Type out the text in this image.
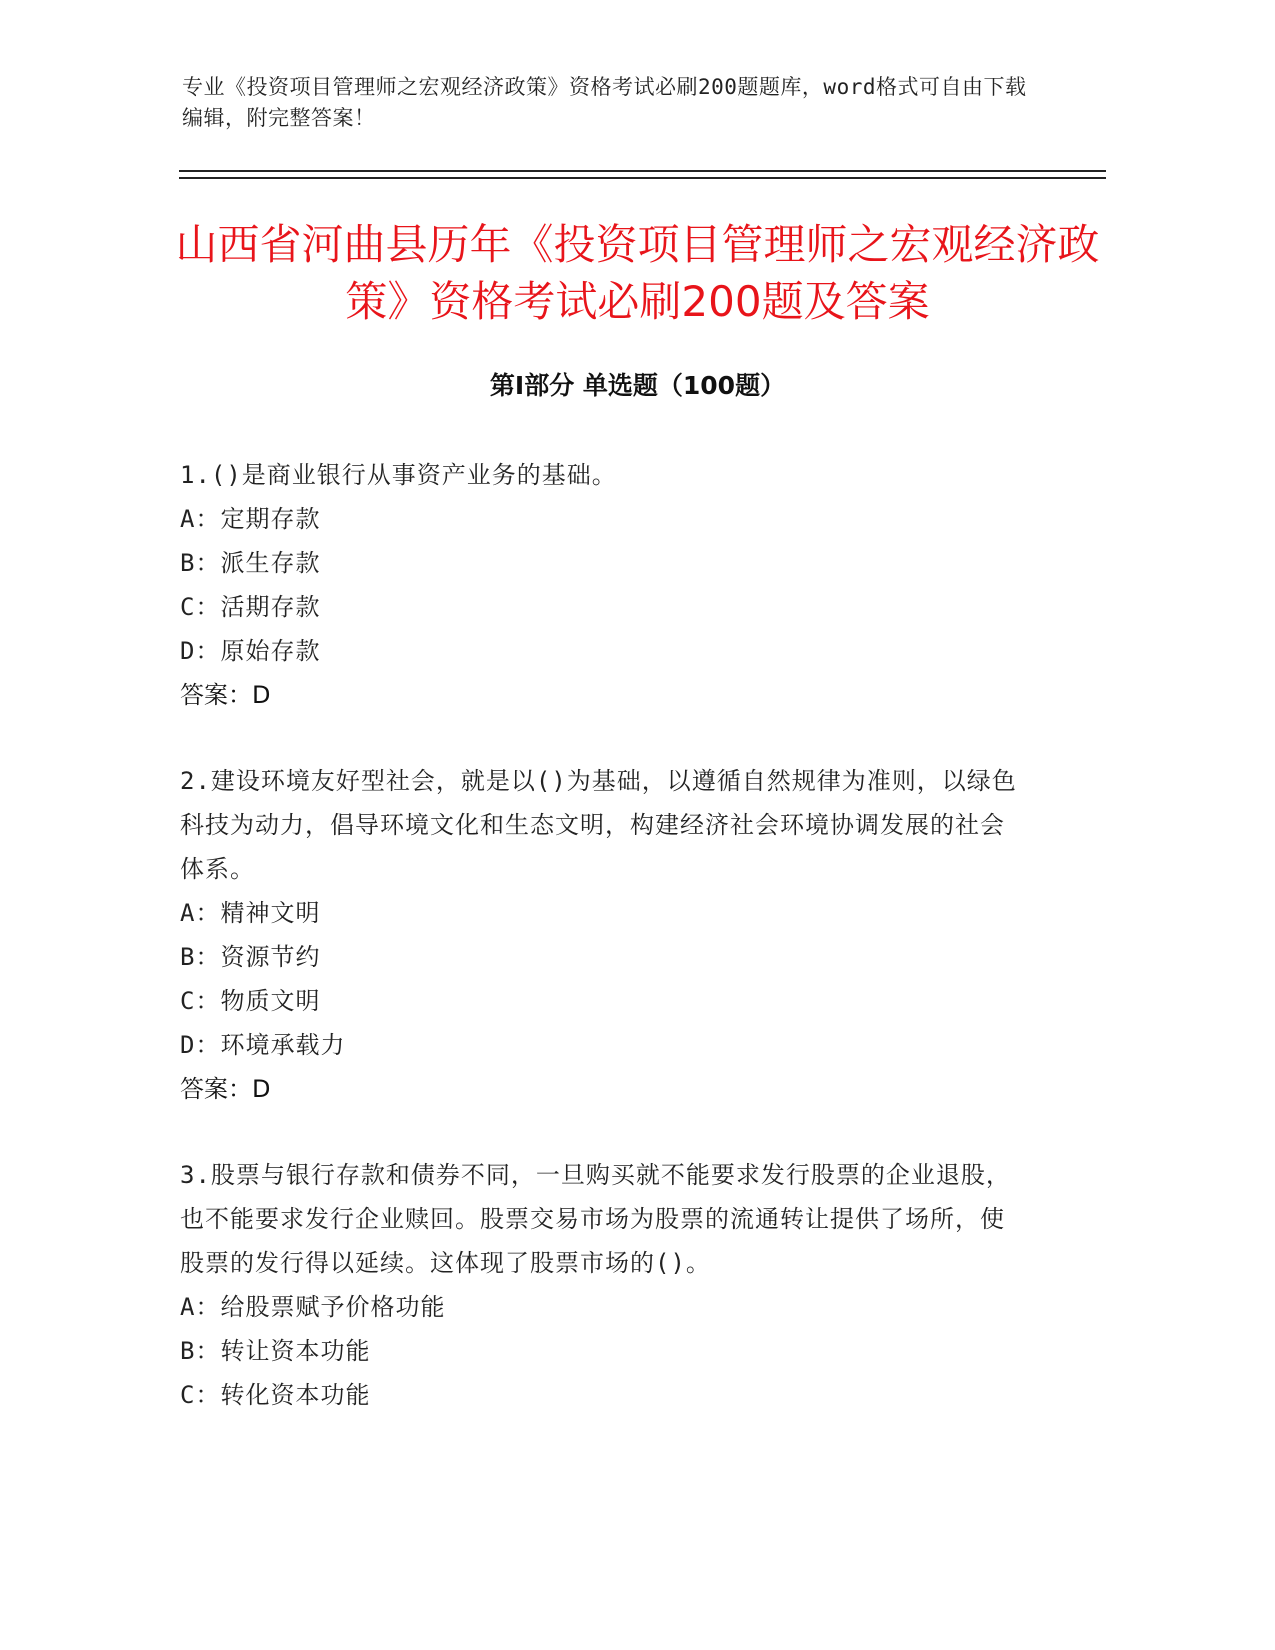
专业《投资项目管理师之宏观经济政策》资格考试必刷200题题库，word格式可自由下载编辑，附完整答案！
山西省河曲县历年《投资项目管理师之宏观经济政策》资格考试必刷200题及答案
第Ⅰ部分 单选题（100题）
1.()是商业银行从事资产业务的基础。
A：定期存款
B：派生存款
C：活期存款
D：原始存款
答案：D
2.建设环境友好型社会，就是以()为基础，以遵循自然规律为准则，以绿色科技为动力，倡导环境文化和生态文明，构建经济社会环境协调发展的社会体系。
A：精神文明
B：资源节约
C：物质文明
D：环境承载力
答案：D
3.股票与银行存款和债券不同，一旦购买就不能要求发行股票的企业退股，也不能要求发行企业赎回。股票交易市场为股票的流通转让提供了场所，使股票的发行得以延续。这体现了股票市场的()。
A：给股票赋予价格功能
B：转让资本功能
C：转化资本功能
